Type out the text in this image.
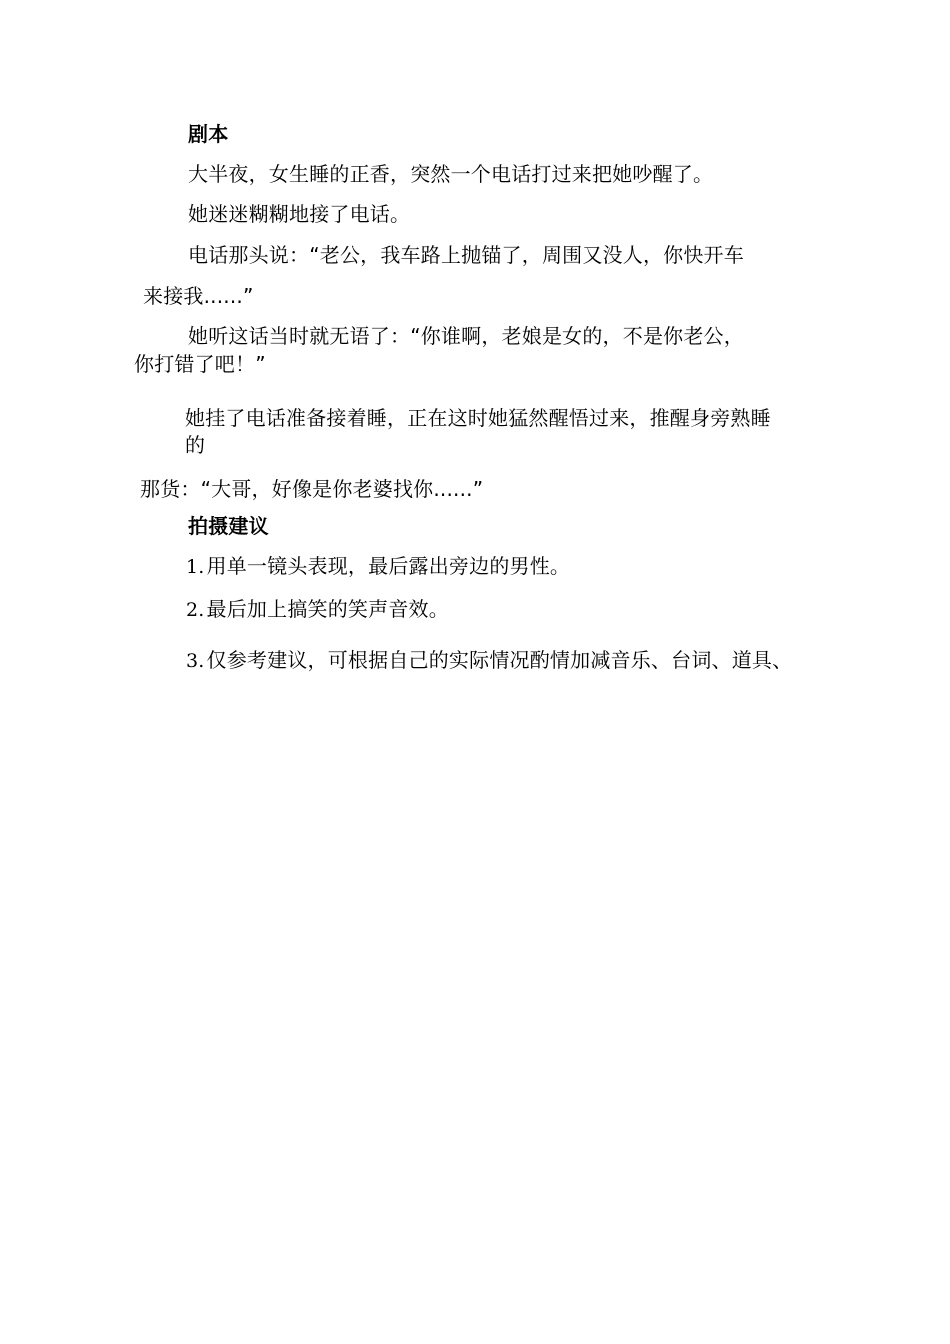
剧本
大半夜，女生睡的正香，突然一个电话打过来把她吵醒了。
她迷迷糊糊地接了电话。
电话那头说：“老公，我车路上抛锚了，周围又没人，你快开车
来接我......”
她听这话当时就无语了：“你谁啊，老娘是女的，不是你老公，
你打错了吧！”
她挂了电话准备接着睡，正在这时她猛然醒悟过来，推醒身旁熟睡
的
那货：“大哥，好像是你老婆找你......”
拍摄建议
1. 用单一镜头表现，最后露出旁边的男性。
2. 最后加上搞笑的笑声音效。
3. 仅参考建议，可根据自己的实际情况酌情加减音乐、台词、道具、
